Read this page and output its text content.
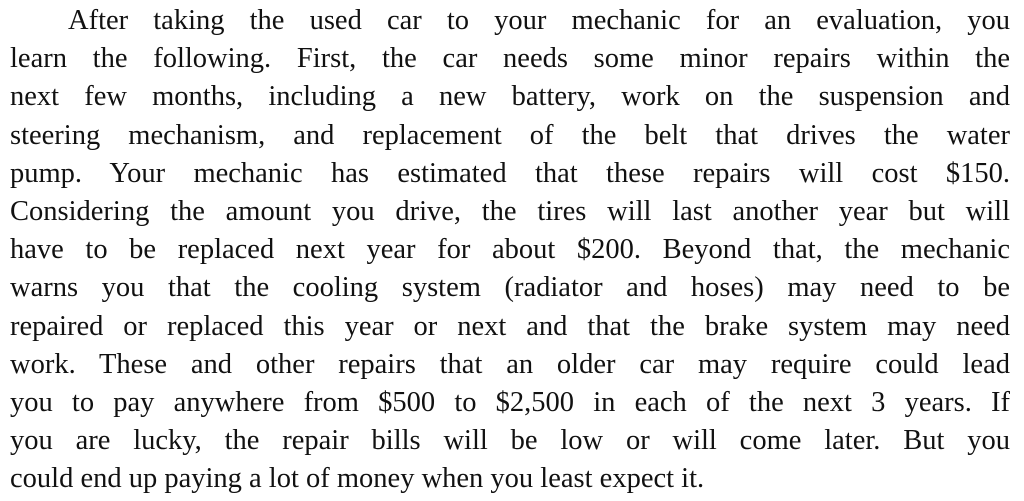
After taking the used car to your mechanic for an evaluation, you
learn the following. First, the car needs some minor repairs within the
next few months, including a new battery, work on the suspension and
steering mechanism, and replacement of the belt that drives the water
pump. Your mechanic has estimated that these repairs will cost $150.
Considering the amount you drive, the tires will last another year but will
have to be replaced next year for about $200. Beyond that, the mechanic
warns you that the cooling system (radiator and hoses) may need to be
repaired or replaced this year or next and that the brake system may need
work. These and other repairs that an older car may require could lead
you to pay anywhere from $500 to $2,500 in each of the next 3 years. If
you are lucky, the repair bills will be low or will come later. But you
could end up paying a lot of money when you least expect it.
